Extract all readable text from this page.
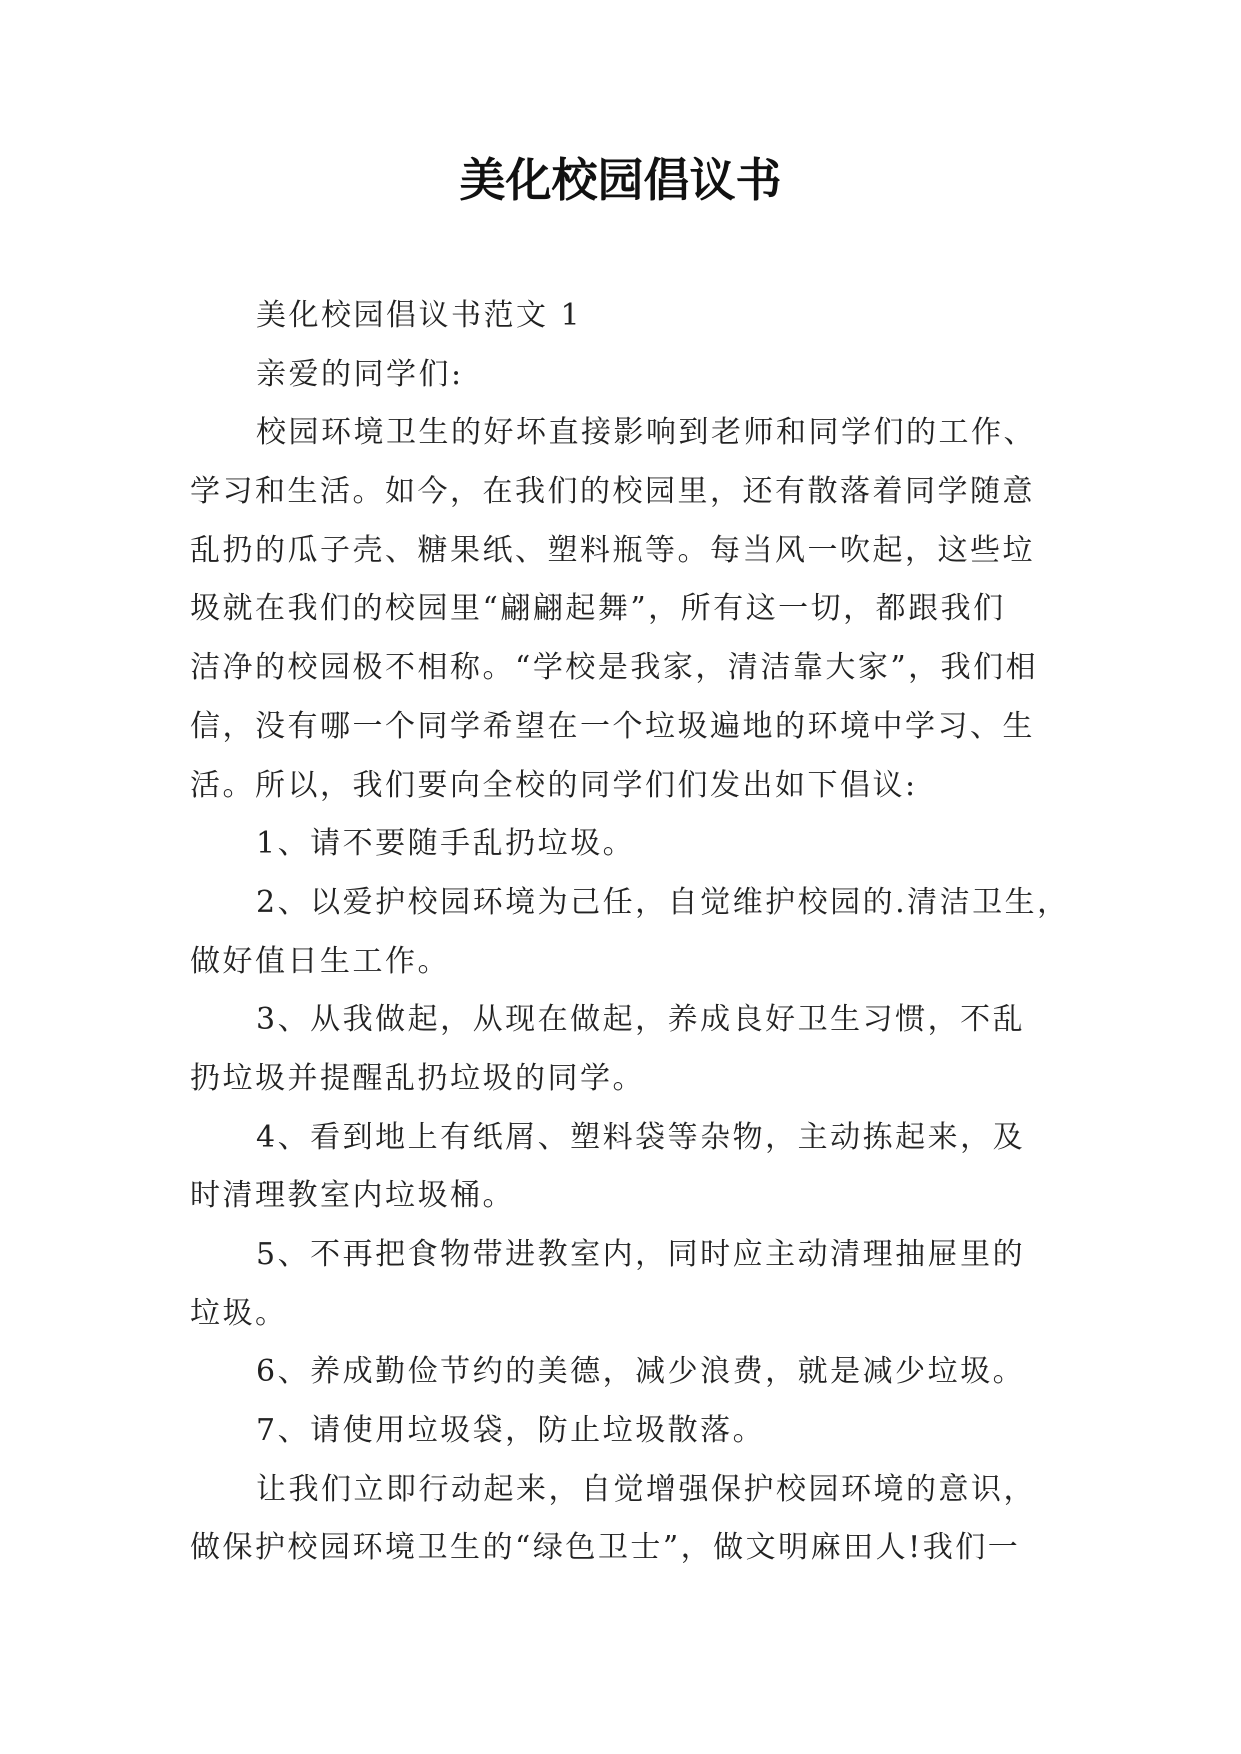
美化校园倡议书
美化校园倡议书范文 1
亲爱的同学们:
校园环境卫生的好坏直接影响到老师和同学们的工作、
学习和生活。如今，在我们的校园里，还有散落着同学随意
乱扔的瓜子壳、糖果纸、塑料瓶等。每当风一吹起，这些垃
圾就在我们的校园里“翩翩起舞”，所有这一切，都跟我们
洁净的校园极不相称。“学校是我家，清洁靠大家”，我们相
信，没有哪一个同学希望在一个垃圾遍地的环境中学习、生
活。所以，我们要向全校的同学们们发出如下倡议:
1、请不要随手乱扔垃圾。
2、以爱护校园环境为己任，自觉维护校园的.清洁卫生，
做好值日生工作。
3、从我做起，从现在做起，养成良好卫生习惯，不乱
扔垃圾并提醒乱扔垃圾的同学。
4、看到地上有纸屑、塑料袋等杂物，主动拣起来，及
时清理教室内垃圾桶。
5、不再把食物带进教室内，同时应主动清理抽屉里的
垃圾。
6、养成勤俭节约的美德，减少浪费，就是减少垃圾。
7、请使用垃圾袋，防止垃圾散落。
让我们立即行动起来，自觉增强保护校园环境的意识，
做保护校园环境卫生的“绿色卫士”，做文明麻田人!我们一
